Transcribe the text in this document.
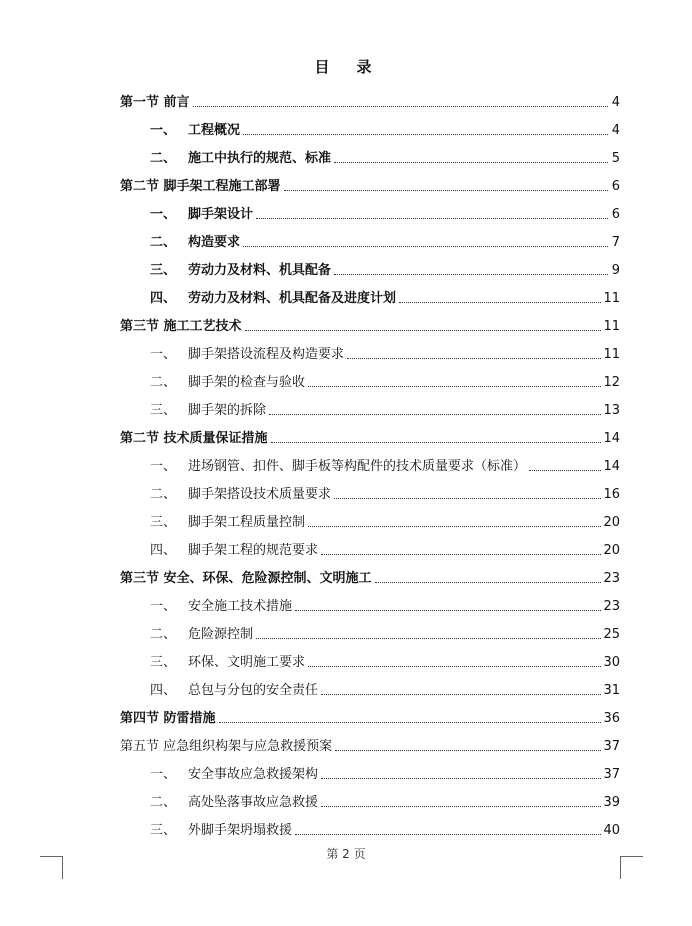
目　录
第一节 前言	4
一、 工程概况	4
二、 施工中执行的规范、标准	5
第二节 脚手架工程施工部署	6
一、 脚手架设计	6
二、 构造要求	7
三、 劳动力及材料、机具配备	9
四、 劳动力及材料、机具配备及进度计划	11
第三节 施工工艺技术	11
一、 脚手架搭设流程及构造要求	11
二、 脚手架的检查与验收	12
三、 脚手架的拆除	13
第二节 技术质量保证措施	14
一、 进场钢管、扣件、脚手板等构配件的技术质量要求（标准）	14
二、 脚手架搭设技术质量要求	16
三、 脚手架工程质量控制	20
四、 脚手架工程的规范要求	20
第三节 安全、环保、危险源控制、文明施工	23
一、 安全施工技术措施	23
二、 危险源控制	25
三、 环保、文明施工要求	30
四、 总包与分包的安全责任	31
第四节 防雷措施	36
第五节 应急组织构架与应急救援预案	37
一、 安全事故应急救援架构	37
二、 高处坠落事故应急救援	39
三、 外脚手架坍塌救援	40
第 2 页
